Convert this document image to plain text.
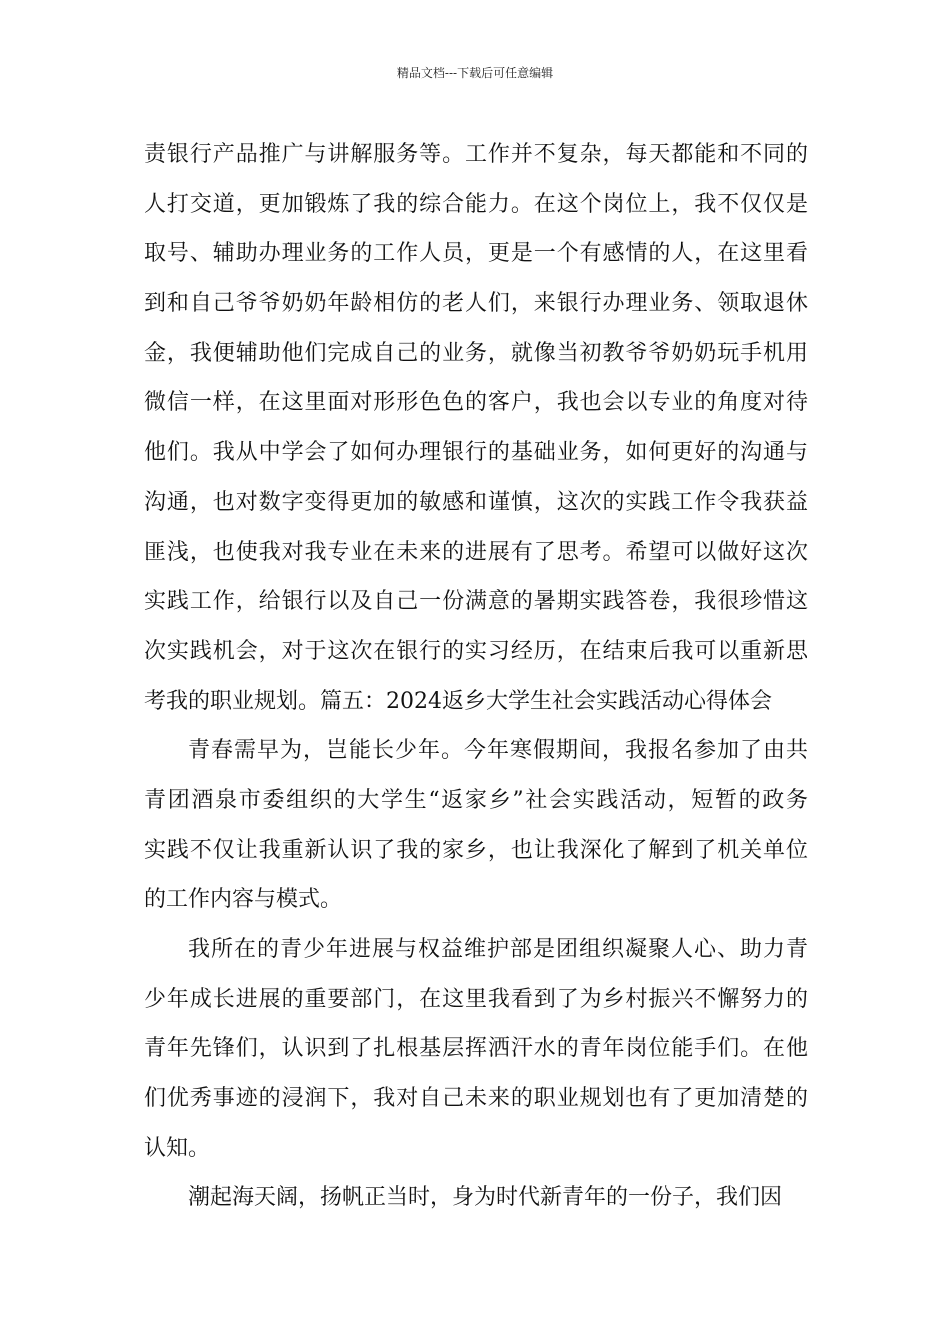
精品文档---下载后可任意编辑
责银行产品推广与讲解服务等。工作并不复杂，每天都能和不同的
人打交道，更加锻炼了我的综合能力。在这个岗位上，我不仅仅是
取号、辅助办理业务的工作人员，更是一个有感情的人，在这里看
到和自己爷爷奶奶年龄相仿的老人们，来银行办理业务、领取退休
金，我便辅助他们完成自己的业务，就像当初教爷爷奶奶玩手机用
微信一样，在这里面对形形色色的客户，我也会以专业的角度对待
他们。我从中学会了如何办理银行的基础业务，如何更好的沟通与
沟通，也对数字变得更加的敏感和谨慎，这次的实践工作令我获益
匪浅，也使我对我专业在未来的进展有了思考。希望可以做好这次
实践工作，给银行以及自己一份满意的暑期实践答卷，我很珍惜这
次实践机会，对于这次在银行的实习经历，在结束后我可以重新思
考我的职业规划。篇五：2024返乡大学生社会实践活动心得体会
青春需早为，岂能长少年。今年寒假期间，我报名参加了由共
青团酒泉市委组织的大学生“返家乡”社会实践活动，短暂的政务
实践不仅让我重新认识了我的家乡，也让我深化了解到了机关单位
的工作内容与模式。
我所在的青少年进展与权益维护部是团组织凝聚人心、助力青
少年成长进展的重要部门，在这里我看到了为乡村振兴不懈努力的
青年先锋们，认识到了扎根基层挥洒汗水的青年岗位能手们。在他
们优秀事迹的浸润下，我对自己未来的职业规划也有了更加清楚的
认知。
潮起海天阔，扬帆正当时，身为时代新青年的一份子，我们因
